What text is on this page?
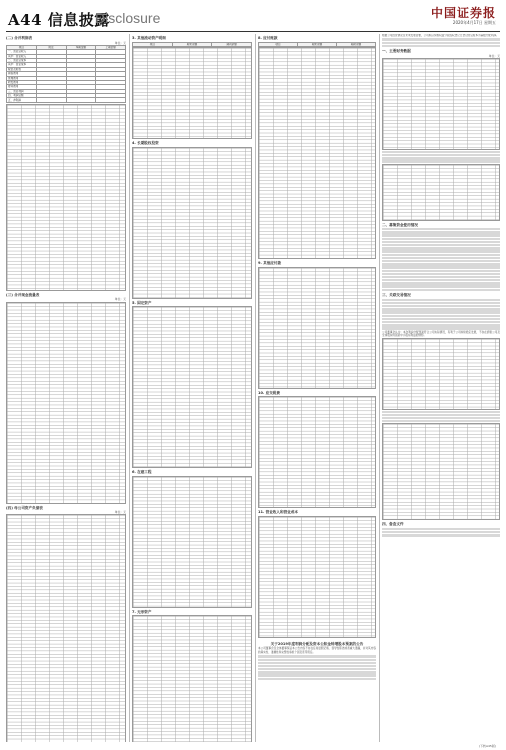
A44 信息披露
Disclosure	中国证券报
2020年4月17日 星期五
(二) 合并利润表
单位：元
项目	附注	本期金额	上期金额
一、营业总收入			
其中：营业收入			
二、营业总成本			
其中：营业成本			
税金及附加			
销售费用			
管理费用			
研发费用			
财务费用			
三、营业利润			
四、利润总额			
五、净利润			
(三) 合并现金流量表
单位：元
(四) 母公司资产负债表
单位：元
3. 其他流动资产明细
项目	期末余额	期初余额
4. 长期股权投资
5. 固定资产
6. 在建工程
7. 无形资产
8. 应付账款
项目	期末余额	期初余额
9. 其他应付款
10. 应交税费
11. 营业收入和营业成本
关于2019年度利润分配及资本公积金转增股本预案的公告
本公司董事会及全体董事保证本公告内容不存在任何虚假记载、误导性陈述或者重大遗漏，并对其内容的真实性、准确性和完整性承担个别及连带责任。
根据公司经营情况及未来发展需要，公司拟以实施权益分派股权登记日登记的总股本为基数分配利润。
一、主要财务数据
单位：元
二、募集资金使用情况
三、关联交易情况
公司董事会认为：本次利润分配预案符合公司实际情况，有利于公司持续稳定发展，不存在损害公司及全体股东特别是中小股东利益的情形。
四、备查文件
(下转A45版)
